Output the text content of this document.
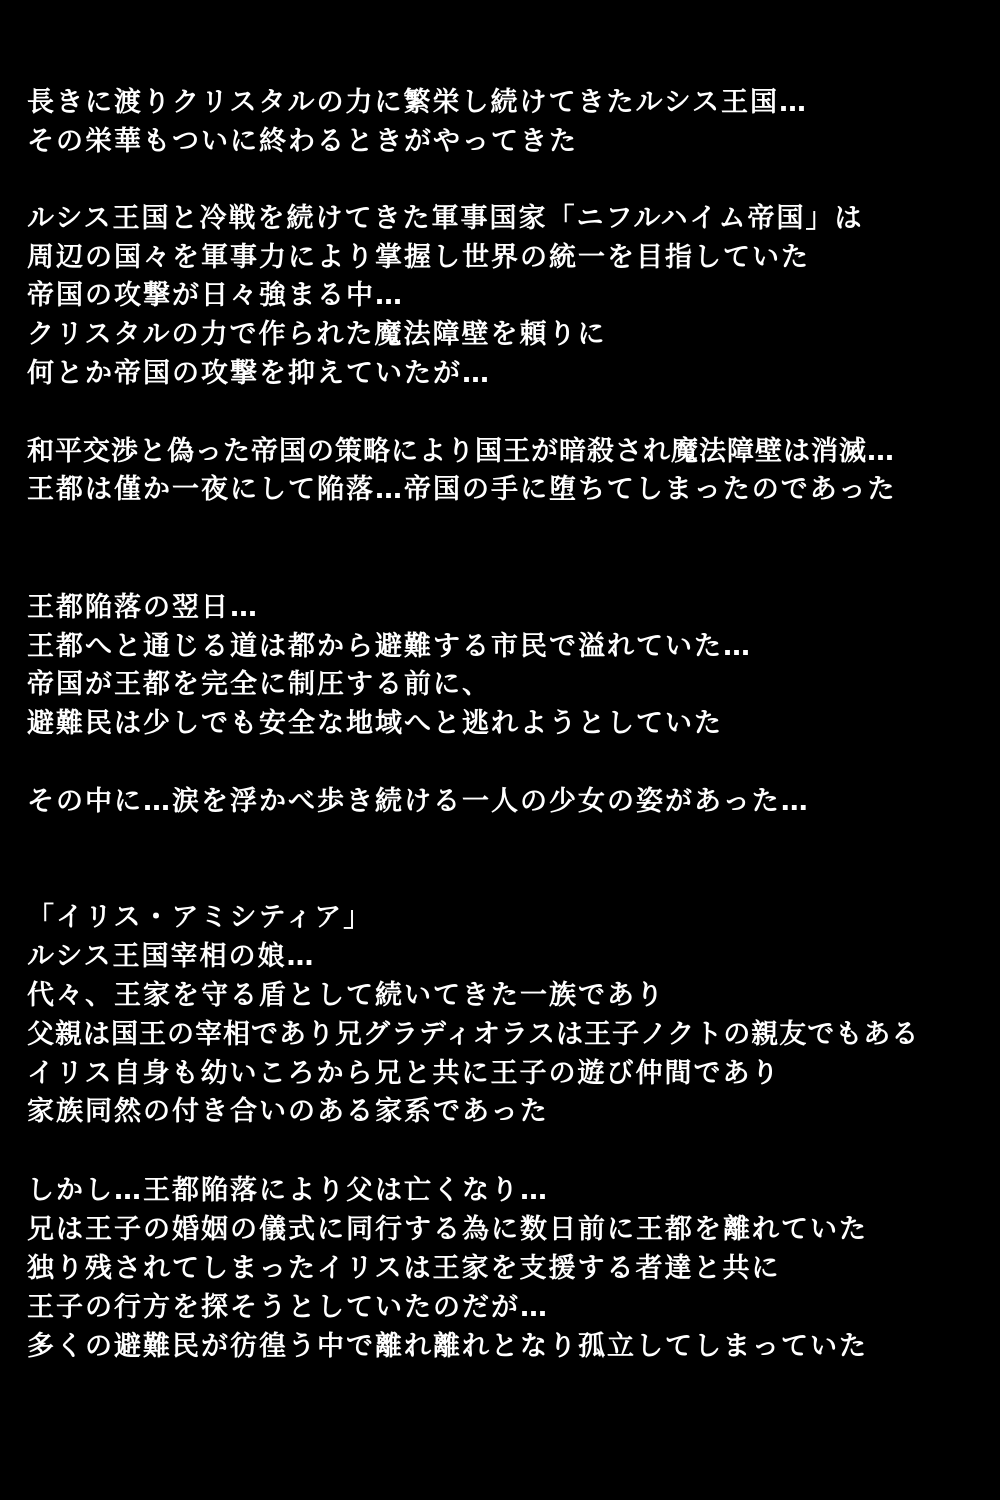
長きに渡りクリスタルの力に繁栄し続けてきたルシス王国…

その栄華もついに終わるときがやってきた

ルシス王国と冷戦を続けてきた軍事国家「ニフルハイム帝国」は

周辺の国々を軍事力により掌握し世界の統一を目指していた

帝国の攻撃が日々強まる中…

クリスタルの力で作られた魔法障壁を頼りに

何とか帝国の攻撃を抑えていたが…

和平交渉と偽った帝国の策略により国王が暗殺され魔法障壁は消滅…

王都は僅か一夜にして陥落…帝国の手に堕ちてしまったのであった

王都陥落の翌日…

王都へと通じる道は都から避難する市民で溢れていた…

帝国が王都を完全に制圧する前に、

避難民は少しでも安全な地域へと逃れようとしていた

その中に…涙を浮かべ歩き続ける一人の少女の姿があった…

「イリス・アミシティア」

ルシス王国宰相の娘…

代々、王家を守る盾として続いてきた一族であり

父親は国王の宰相であり兄グラディオラスは王子ノクトの親友でもある

イリス自身も幼いころから兄と共に王子の遊び仲間であり

家族同然の付き合いのある家系であった

しかし…王都陥落により父は亡くなり…

兄は王子の婚姻の儀式に同行する為に数日前に王都を離れていた

独り残されてしまったイリスは王家を支援する者達と共に

王子の行方を探そうとしていたのだが…

多くの避難民が彷徨う中で離れ離れとなり孤立してしまっていた
